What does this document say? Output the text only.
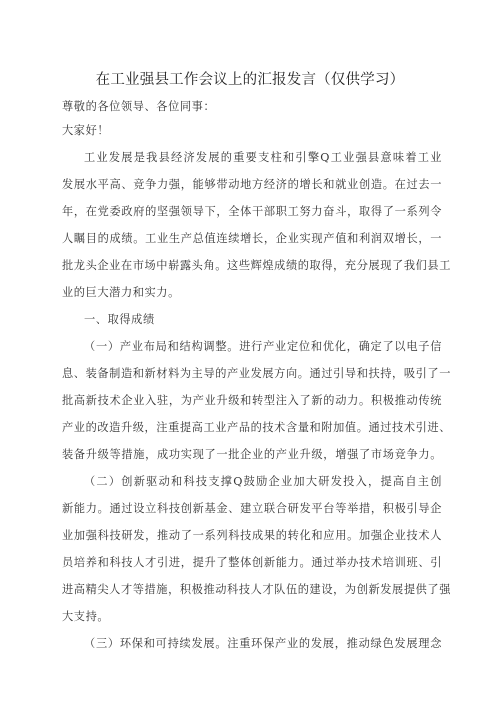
在工业强县工作会议上的汇报发言（仅供学习）
尊敬的各位领导、各位同事：
大家好！
工业发展是我县经济发展的重要支柱和引擎Q工业强县意味着工业
发展水平高、竞争力强，能够带动地方经济的增长和就业创造。在过去一
年，在党委政府的坚强领导下，全体干部职工努力奋斗，取得了一系列令
人瞩目的成绩。工业生产总值连续增长，企业实现产值和利润双增长，一
批龙头企业在市场中崭露头角。这些辉煌成绩的取得，充分展现了我们县工
业的巨大潜力和实力。
一、取得成绩
（一）产业布局和结构调整。进行产业定位和优化，确定了以电子信
息、装备制造和新材料为主导的产业发展方向。通过引导和扶持，吸引了一
批高新技术企业入驻，为产业升级和转型注入了新的动力。积极推动传统
产业的改造升级，注重提高工业产品的技术含量和附加值。通过技术引进、
装备升级等措施，成功实现了一批企业的产业升级，增强了市场竞争力。
（二）创新驱动和科技支撑Q鼓励企业加大研发投入，提高自主创
新能力。通过设立科技创新基金、建立联合研发平台等举措，积极引导企
业加强科技研发，推动了一系列科技成果的转化和应用。加强企业技术人
员培养和科技人才引进，提升了整体创新能力。通过举办技术培训班、引
进高精尖人才等措施，积极推动科技人才队伍的建设，为创新发展提供了强
大支持。
（三）环保和可持续发展。注重环保产业的发展，推动绿色发展理念
